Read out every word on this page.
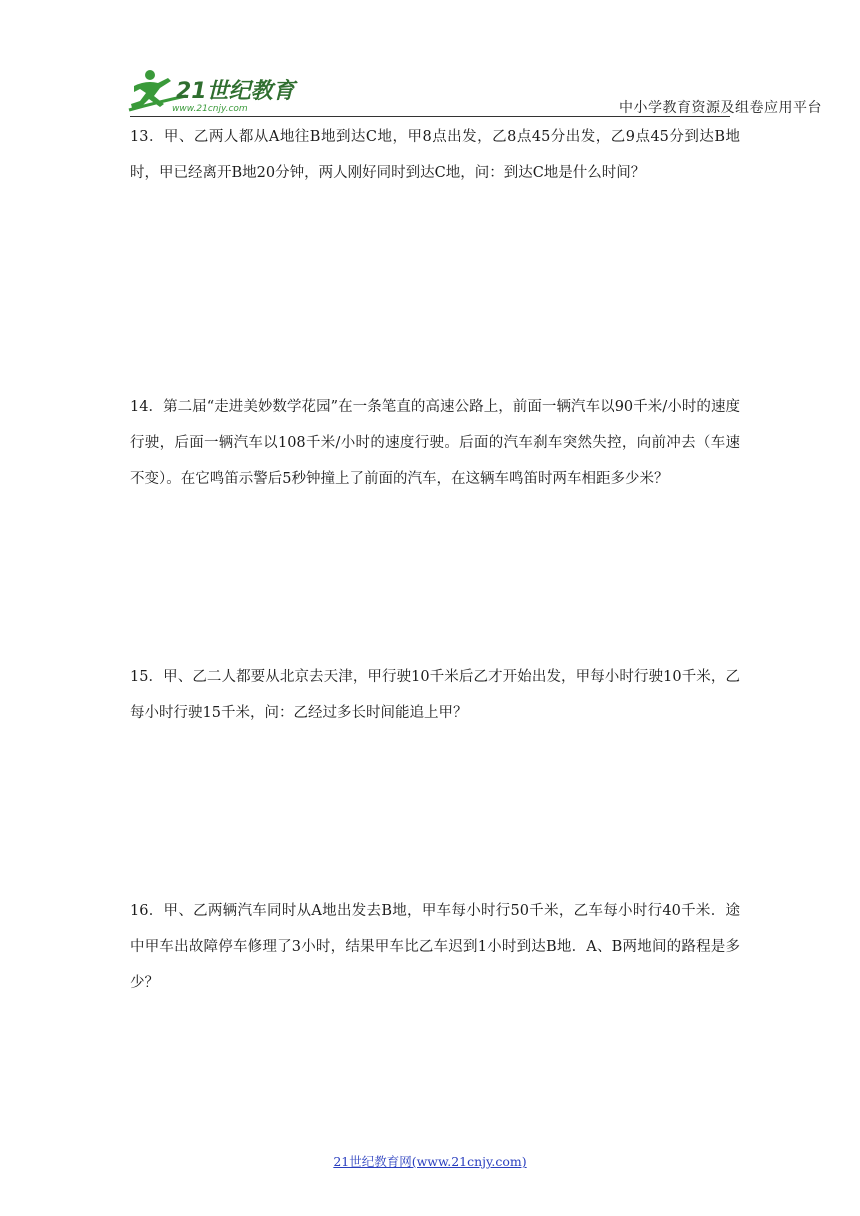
21世纪教育
www.21cnjy.com	中小学教育资源及组卷应用平台
13．甲、乙两人都从A地往B地到达C地，甲8点出发，乙8点45分出发，乙9点45分到达B地时，甲已经离开B地20分钟，两人刚好同时到达C地，问：到达C地是什么时间？
14．第二届“走进美妙数学花园”在一条笔直的高速公路上，前面一辆汽车以90千米/小时的速度行驶，后面一辆汽车以108千米/小时的速度行驶。后面的汽车刹车突然失控，向前冲去（车速不变）。在它鸣笛示警后5秒钟撞上了前面的汽车，在这辆车鸣笛时两车相距多少米？
15．甲、乙二人都要从北京去天津，甲行驶10千米后乙才开始出发，甲每小时行驶10千米，乙每小时行驶15千米，问：乙经过多长时间能追上甲？
16．甲、乙两辆汽车同时从A地出发去B地，甲车每小时行50千米，乙车每小时行40千米．途中甲车出故障停车修理了3小时，结果甲车比乙车迟到1小时到达B地．A、B两地间的路程是多少？
21世纪教育网(www.21cnjy.com)
